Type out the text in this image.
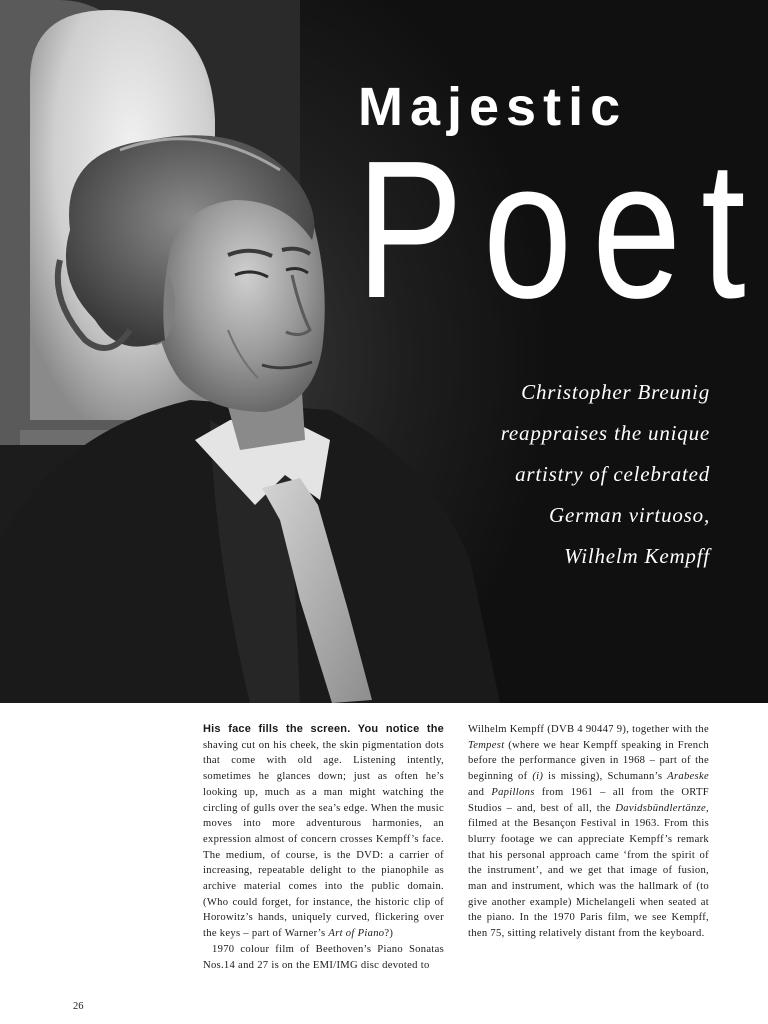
Majestic
Poet
Christopher Breunig
reappraises the unique
artistry of celebrated
German virtuoso,
Wilhelm Kempff

His face fills the screen. You notice the shaving cut on his cheek, the skin pigmentation dots that come with old age. Listening intently, sometimes he glances down; just as often he’s looking up, much as a man might watching the circling of gulls over the sea’s edge. When the music moves into more adventurous harmonies, an expression almost of concern crosses Kempff’s face. The medium, of course, is the DVD: a carrier of increasing, repeatable delight to the pianophile as archive material comes into the public domain. (Who could forget, for instance, the historic clip of Horowitz’s hands, uniquely curved, flickering over the keys – part of Warner’s Art of Piano?)

1970 colour film of Beethoven’s Piano Sonatas Nos.14 and 27 is on the EMI/IMG disc devoted to

Wilhelm Kempff (DVB 4 90447 9), together with the Tempest (where we hear Kempff speaking in French before the performance given in 1968 – part of the beginning of (i) is missing), Schumann’s Arabeske and Papillons from 1961 – all from the ORTF Studios – and, best of all, the Davidsbündlertänze, filmed at the Besançon Festival in 1963. From this blurry footage we can appreciate Kempff’s remark that his personal approach came ‘from the spirit of the instrument’, and we get that image of fusion, man and instrument, which was the hallmark of (to give another example) Michelangeli when seated at the piano. In the 1970 Paris film, we see Kempff, then 75, sitting relatively distant from the keyboard.

26
